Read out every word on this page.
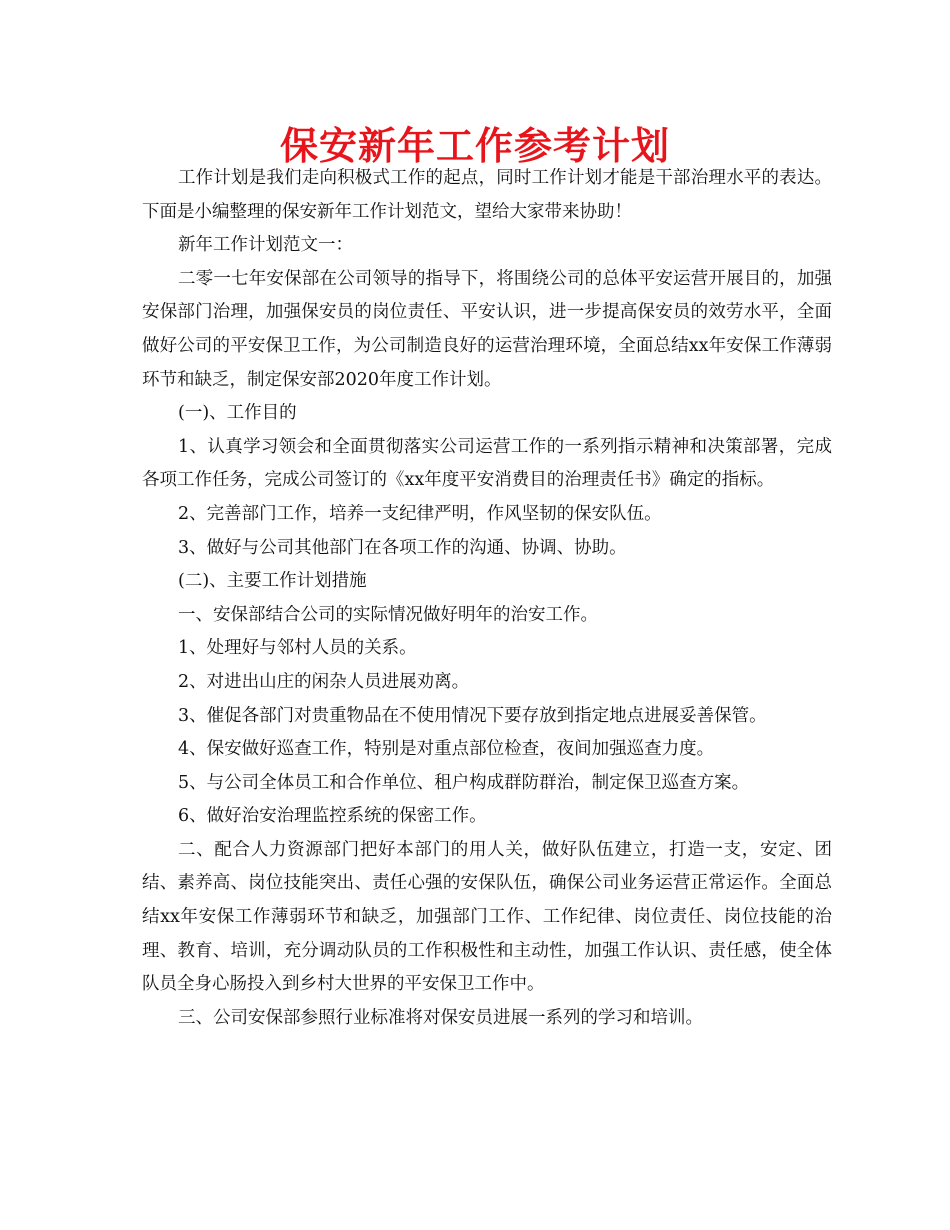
保安新年工作参考计划

工作计划是我们走向积极式工作的起点，同时工作计划才能是干部治理水平的表达。下面是小编整理的保安新年工作计划范文，望给大家带来协助！

新年工作计划范文一：

二零一七年安保部在公司领导的指导下，将围绕公司的总体平安运营开展目的，加强安保部门治理，加强保安员的岗位责任、平安认识，进一步提高保安员的效劳水平，全面做好公司的平安保卫工作，为公司制造良好的运营治理环境，全面总结xx年安保工作薄弱环节和缺乏，制定保安部2020年度工作计划。

(一)、工作目的

1、认真学习领会和全面贯彻落实公司运营工作的一系列指示精神和决策部署，完成各项工作任务，完成公司签订的《xx年度平安消费目的治理责任书》确定的指标。

2、完善部门工作，培养一支纪律严明，作风坚韧的保安队伍。

3、做好与公司其他部门在各项工作的沟通、协调、协助。

(二)、主要工作计划措施

一、安保部结合公司的实际情况做好明年的治安工作。

1、处理好与邻村人员的关系。

2、对进出山庄的闲杂人员进展劝离。

3、催促各部门对贵重物品在不使用情况下要存放到指定地点进展妥善保管。

4、保安做好巡查工作，特别是对重点部位检查，夜间加强巡查力度。

5、与公司全体员工和合作单位、租户构成群防群治，制定保卫巡查方案。

6、做好治安治理监控系统的保密工作。

二、配合人力资源部门把好本部门的用人关，做好队伍建立，打造一支，安定、团结、素养高、岗位技能突出、责任心强的安保队伍，确保公司业务运营正常运作。全面总结xx年安保工作薄弱环节和缺乏，加强部门工作、工作纪律、岗位责任、岗位技能的治理、教育、培训，充分调动队员的工作积极性和主动性，加强工作认识、责任感，使全体队员全身心肠投入到乡村大世界的平安保卫工作中。

三、公司安保部参照行业标准将对保安员进展一系列的学习和培训。
